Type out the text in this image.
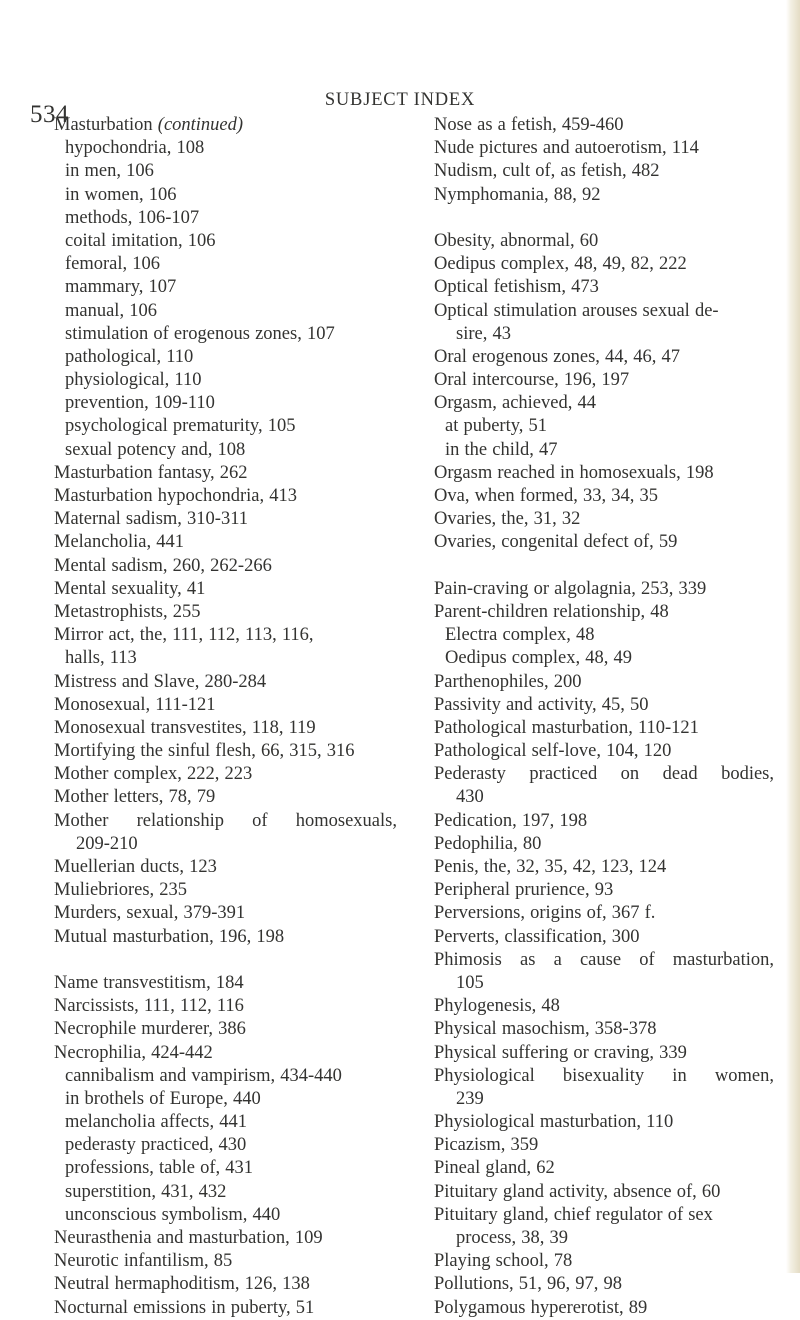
534
SUBJECT INDEX
Masturbation (continued)
hypochondria, 108
in men, 106
in women, 106
methods, 106-107
coital imitation, 106
femoral, 106
mammary, 107
manual, 106
stimulation of erogenous zones, 107
pathological, 110
physiological, 110
prevention, 109-110
psychological prematurity, 105
sexual potency and, 108
Masturbation fantasy, 262
Masturbation hypochondria, 413
Maternal sadism, 310-311
Melancholia, 441
Mental sadism, 260, 262-266
Mental sexuality, 41
Metastrophists, 255
Mirror act, the, 111, 112, 113, 116,
halls, 113
Mistress and Slave, 280-284
Monosexual, 111-121
Monosexual transvestites, 118, 119
Mortifying the sinful flesh, 66, 315, 316
Mother complex, 222, 223
Mother letters, 78, 79
Mother relationship of homosexuals,
209-210
Muellerian ducts, 123
Muliebriores, 235
Murders, sexual, 379-391
Mutual masturbation, 196, 198
Name transvestitism, 184
Narcissists, 111, 112, 116
Necrophile murderer, 386
Necrophilia, 424-442
cannibalism and vampirism, 434-440
in brothels of Europe, 440
melancholia affects, 441
pederasty practiced, 430
professions, table of, 431
superstition, 431, 432
unconscious symbolism, 440
Neurasthenia and masturbation, 109
Neurotic infantilism, 85
Neutral hermaphoditism, 126, 138
Nocturnal emissions in puberty, 51
Nose as a fetish, 459-460
Nude pictures and autoerotism, 114
Nudism, cult of, as fetish, 482
Nymphomania, 88, 92
Obesity, abnormal, 60
Oedipus complex, 48, 49, 82, 222
Optical fetishism, 473
Optical stimulation arouses sexual de-
sire, 43
Oral erogenous zones, 44, 46, 47
Oral intercourse, 196, 197
Orgasm, achieved, 44
at puberty, 51
in the child, 47
Orgasm reached in homosexuals, 198
Ova, when formed, 33, 34, 35
Ovaries, the, 31, 32
Ovaries, congenital defect of, 59
Pain-craving or algolagnia, 253, 339
Parent-children relationship, 48
Electra complex, 48
Oedipus complex, 48, 49
Parthenophiles, 200
Passivity and activity, 45, 50
Pathological masturbation, 110-121
Pathological self-love, 104, 120
Pederasty practiced on dead bodies,
430
Pedication, 197, 198
Pedophilia, 80
Penis, the, 32, 35, 42, 123, 124
Peripheral prurience, 93
Perversions, origins of, 367 f.
Perverts, classification, 300
Phimosis as a cause of masturbation,
105
Phylogenesis, 48
Physical masochism, 358-378
Physical suffering or craving, 339
Physiological bisexuality in women,
239
Physiological masturbation, 110
Picazism, 359
Pineal gland, 62
Pituitary gland activity, absence of, 60
Pituitary gland, chief regulator of sex
process, 38, 39
Playing school, 78
Pollutions, 51, 96, 97, 98
Polygamous hypererotist, 89
